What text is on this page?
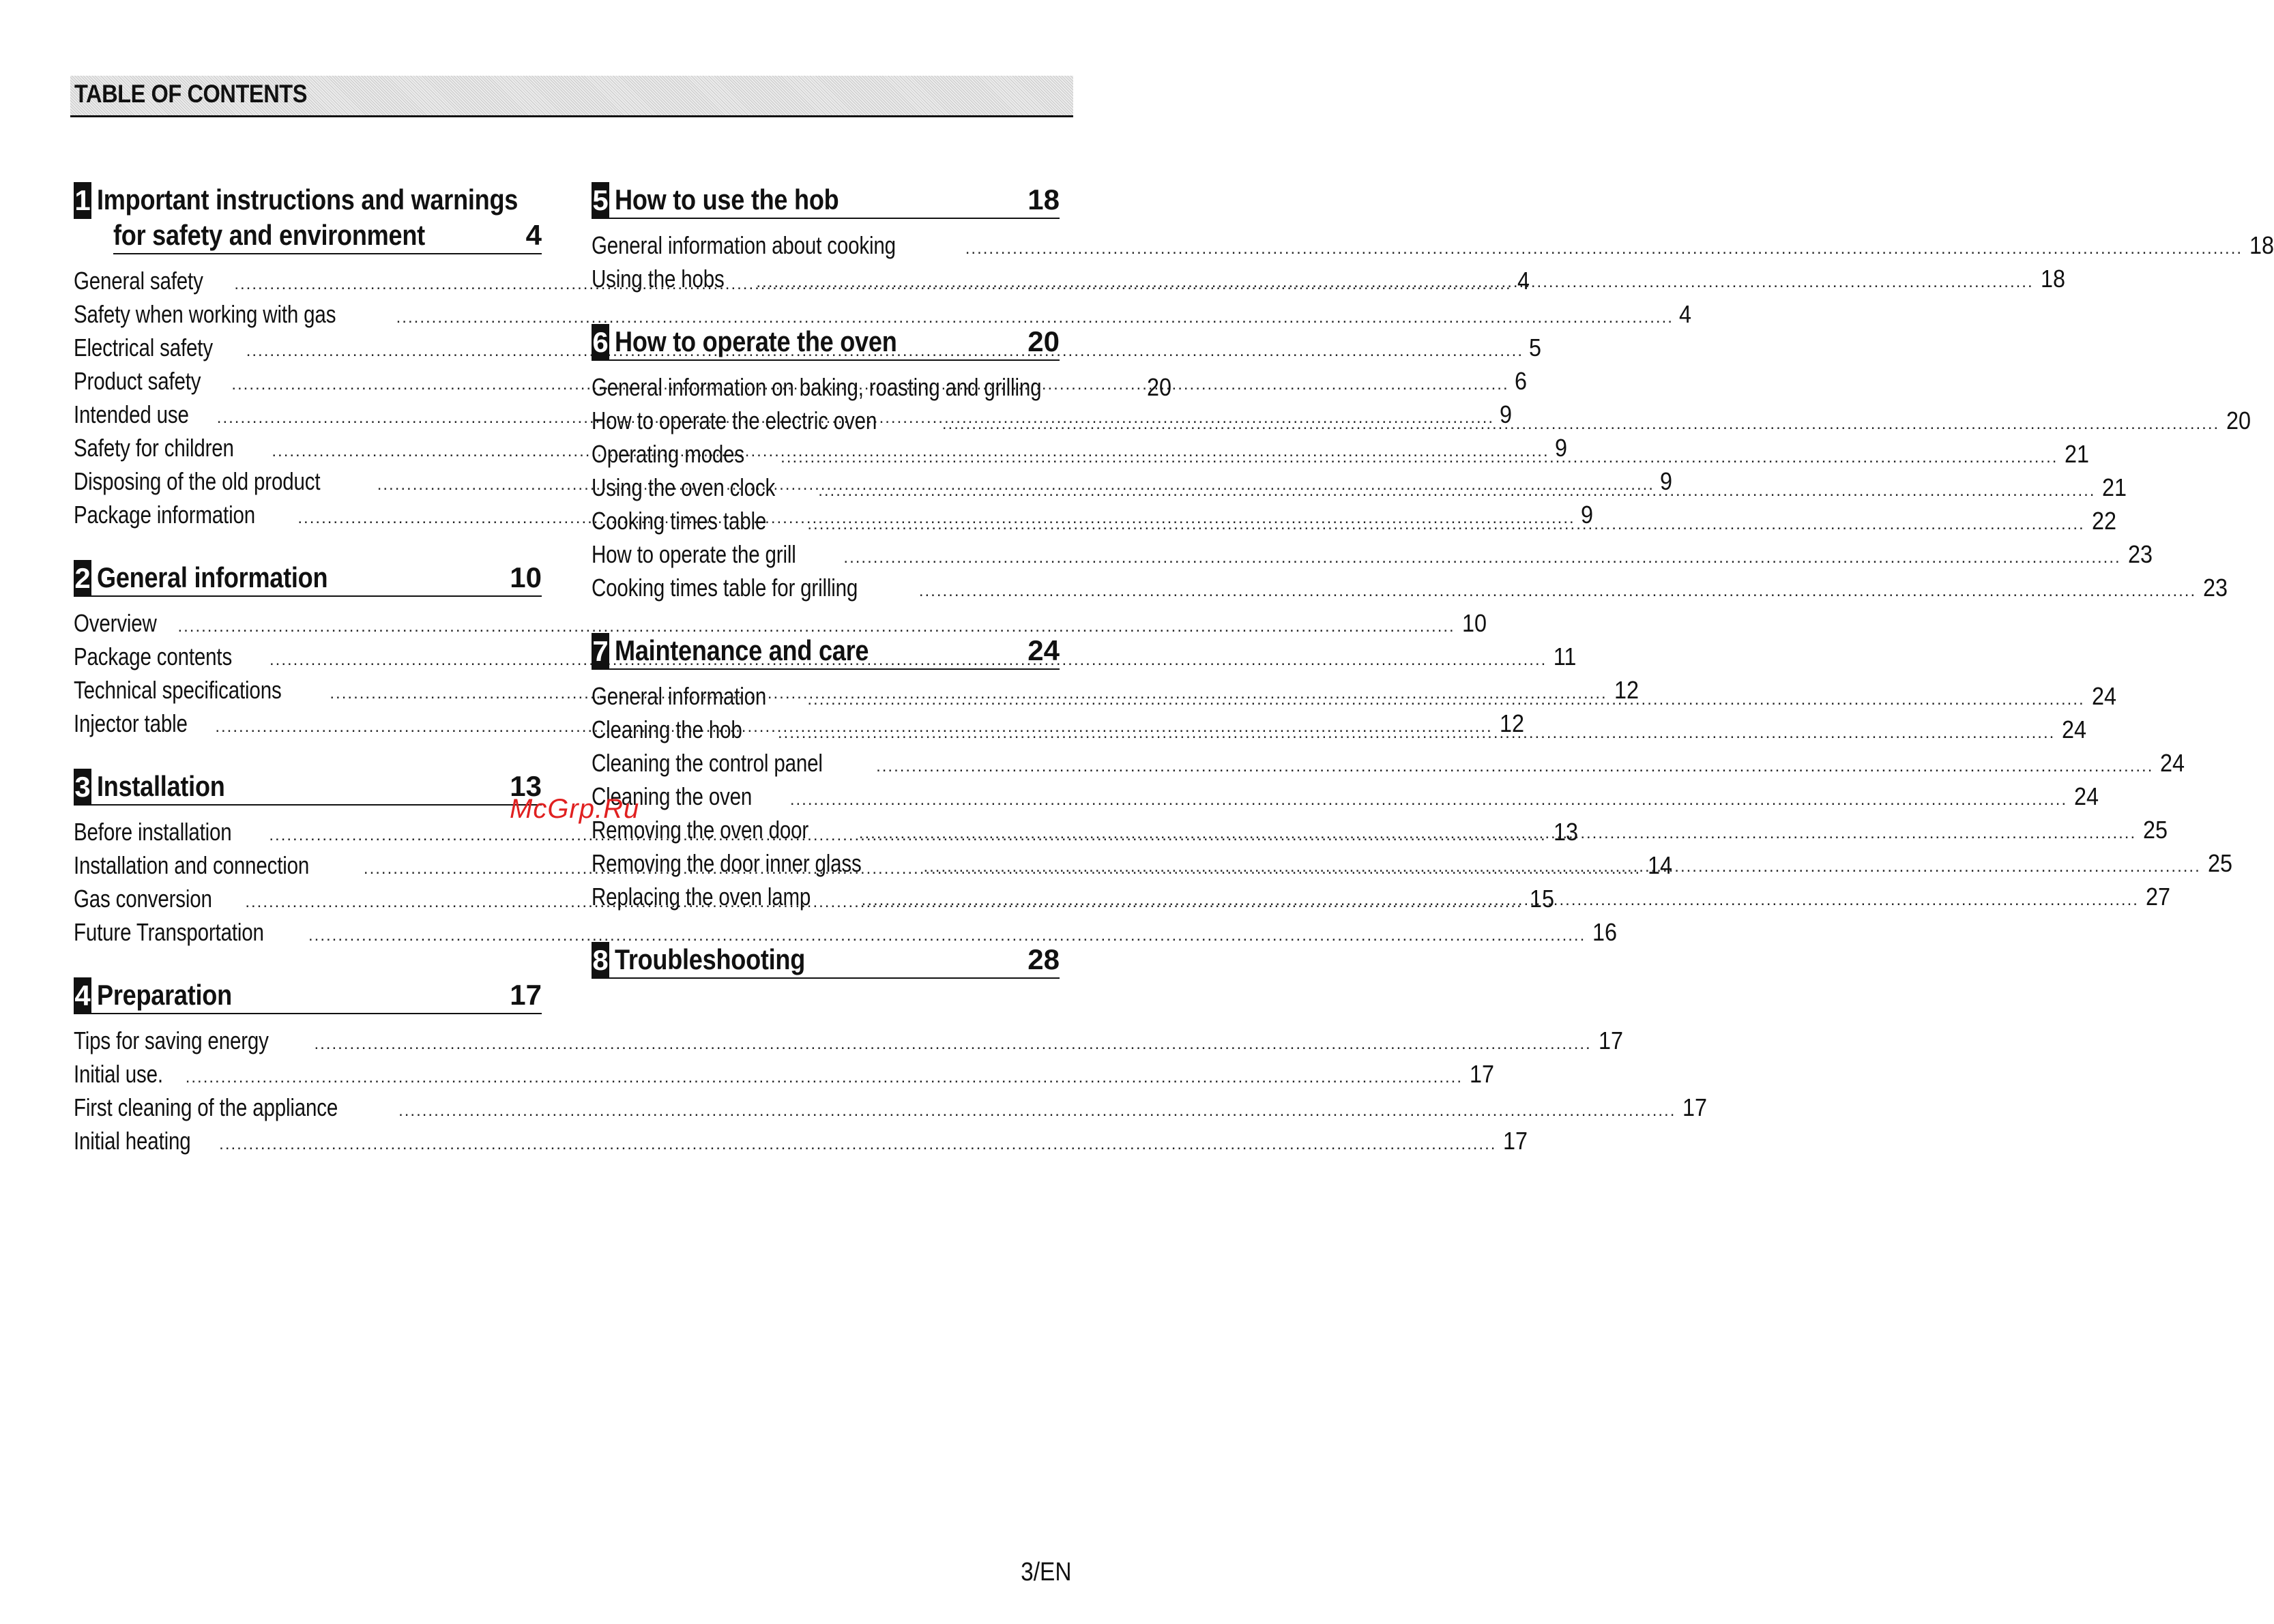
TABLE OF CONTENTS
1 Important instructions and warnings
for safety and environment	4
General safety .....	4
Safety when working with gas .....	4
Electrical safety .....	5
Product safety .....	6
Intended use .....	9
Safety for children .....	9
Disposing of the old product .....	9
Package information .....	9
2 General information	10
Overview .....	10
Package contents .....	11
Technical specifications .....	12
Injector table .....	12
3 Installation	13
Before installation .....	13
Installation and connection .....	14
Gas conversion .....	15
Future Transportation .....	16
4 Preparation	17
Tips for saving energy .....	17
Initial use. .....	17
First cleaning of the appliance .....	17
Initial heating .....	17
5 How to use the hob	18
General information about cooking .....	18
Using the hobs .....	18
6 How to operate the oven	20
General information on baking, roasting and grilling	20
How to operate the electric oven .....	20
Operating modes .....	21
Using the oven clock .....	21
Cooking times table .....	22
How to operate the grill .....	23
Cooking times table for grilling .....	23
7 Maintenance and care	24
General information .....	24
Cleaning the hob .....	24
Cleaning the control panel .....	24
Cleaning the oven .....	24
Removing the oven door .....	25
Removing the door inner glass .....	25
Replacing the oven lamp .....	27
8 Troubleshooting	28
McGrp.Ru
3/EN
